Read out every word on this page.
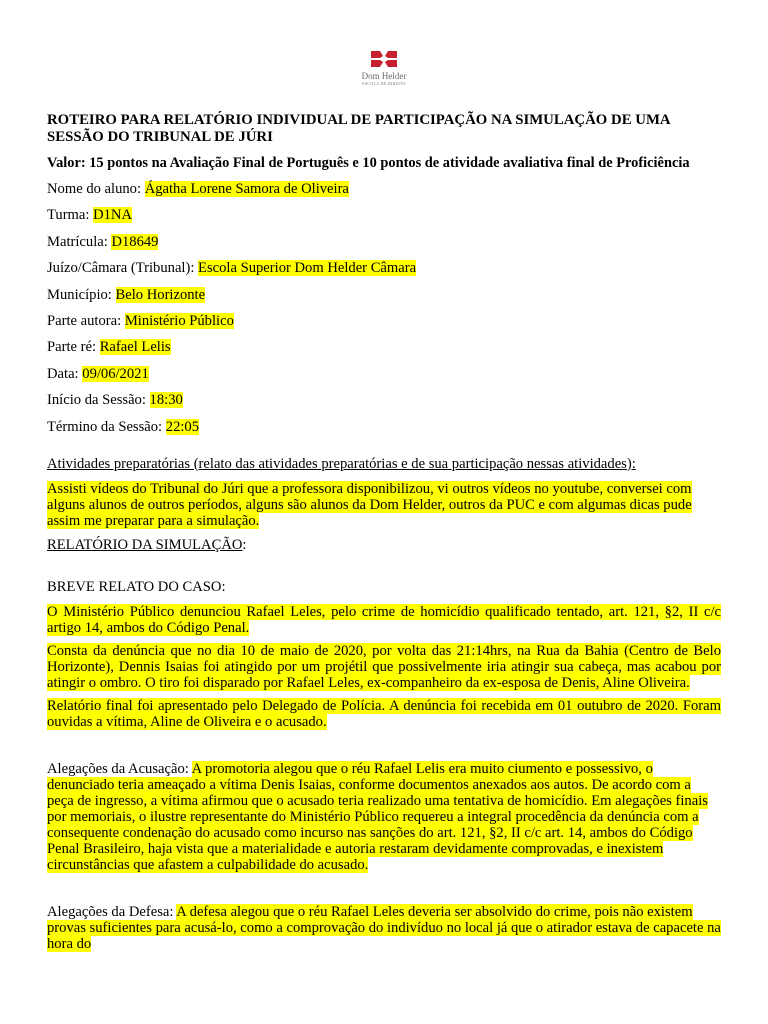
Dom Helder
ESCOLA DE DIREITO
ROTEIRO PARA RELATÓRIO INDIVIDUAL DE PARTICIPAÇÃO NA SIMULAÇÃO DE UMA SESSÃO DO TRIBUNAL DE JÚRI
Valor: 15 pontos na Avaliação Final de Português e 10 pontos de atividade avaliativa final de Proficiência
Nome do aluno: Ágatha Lorene Samora de Oliveira
Turma: D1NA
Matrícula: D18649
Juízo/Câmara (Tribunal): Escola Superior Dom Helder Câmara
Município: Belo Horizonte
Parte autora: Ministério Público
Parte ré: Rafael Lelis
Data: 09/06/2021
Início da Sessão: 18:30
Término da Sessão: 22:05
Atividades preparatórias (relato das atividades preparatórias e de sua participação nessas atividades):
Assisti vídeos do Tribunal do Júri que a professora disponibilizou, vi outros vídeos no youtube, conversei com alguns alunos de outros períodos, alguns são alunos da Dom Helder, outros da PUC e com algumas dicas pude assim me preparar para a simulação.
RELATÓRIO DA SIMULAÇÃO:
BREVE RELATO DO CASO:
O Ministério Público denunciou Rafael Leles, pelo crime de homicídio qualificado tentado, art. 121, §2, II c/c artigo 14, ambos do Código Penal.
Consta da denúncia que no dia 10 de maio de 2020, por volta das 21:14hrs, na Rua da Bahia (Centro de Belo Horizonte), Dennis Isaias foi atingido por um projétil que possivelmente iria atingir sua cabeça, mas acabou por atingir o ombro. O tiro foi disparado por Rafael Leles, ex-companheiro da ex-esposa de Denis, Aline Oliveira.
Relatório final foi apresentado pelo Delegado de Polícia. A denúncia foi recebida em 01 outubro de 2020. Foram ouvidas a vítima, Aline de Oliveira e o acusado.
Alegações da Acusação: A promotoria alegou que o réu Rafael Lelis era muito ciumento e possessivo, o denunciado teria ameaçado a vítima Denis Isaias, conforme documentos anexados aos autos. De acordo com a peça de ingresso, a vítima afirmou que o acusado teria realizado uma tentativa de homicídio. Em alegações finais por memoriais, o ilustre representante do Ministério Público requereu a integral procedência da denúncia com a consequente condenação do acusado como incurso nas sanções do art. 121, §2, II c/c art. 14, ambos do Código Penal Brasileiro, haja vista que a materialidade e autoria restaram devidamente comprovadas, e inexistem circunstâncias que afastem a culpabilidade do acusado.
Alegações da Defesa: A defesa alegou que o réu Rafael Leles deveria ser absolvido do crime, pois não existem provas suficientes para acusá-lo, como a comprovação do indivíduo no local já que o atirador estava de capacete na hora do
